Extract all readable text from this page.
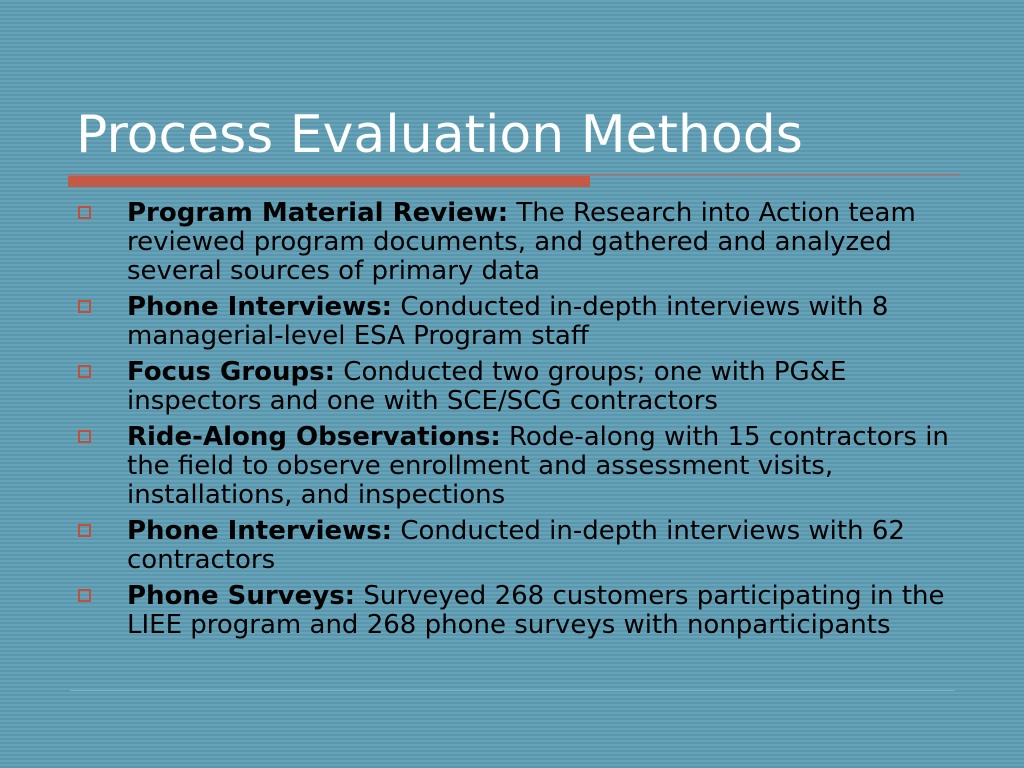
Process Evaluation Methods
Program Material Review: The Research into Action team reviewed program documents, and gathered and analyzed several sources of primary data
Phone Interviews: Conducted in-depth interviews with 8 managerial-level ESA Program staff
Focus Groups: Conducted two groups; one with PG&E inspectors and one with SCE/SCG contractors
Ride-Along Observations: Rode-along with 15 contractors in the field to observe enrollment and assessment visits, installations, and inspections
Phone Interviews: Conducted in-depth interviews with 62 contractors
Phone Surveys: Surveyed 268 customers participating in the LIEE program and 268 phone surveys with nonparticipants
